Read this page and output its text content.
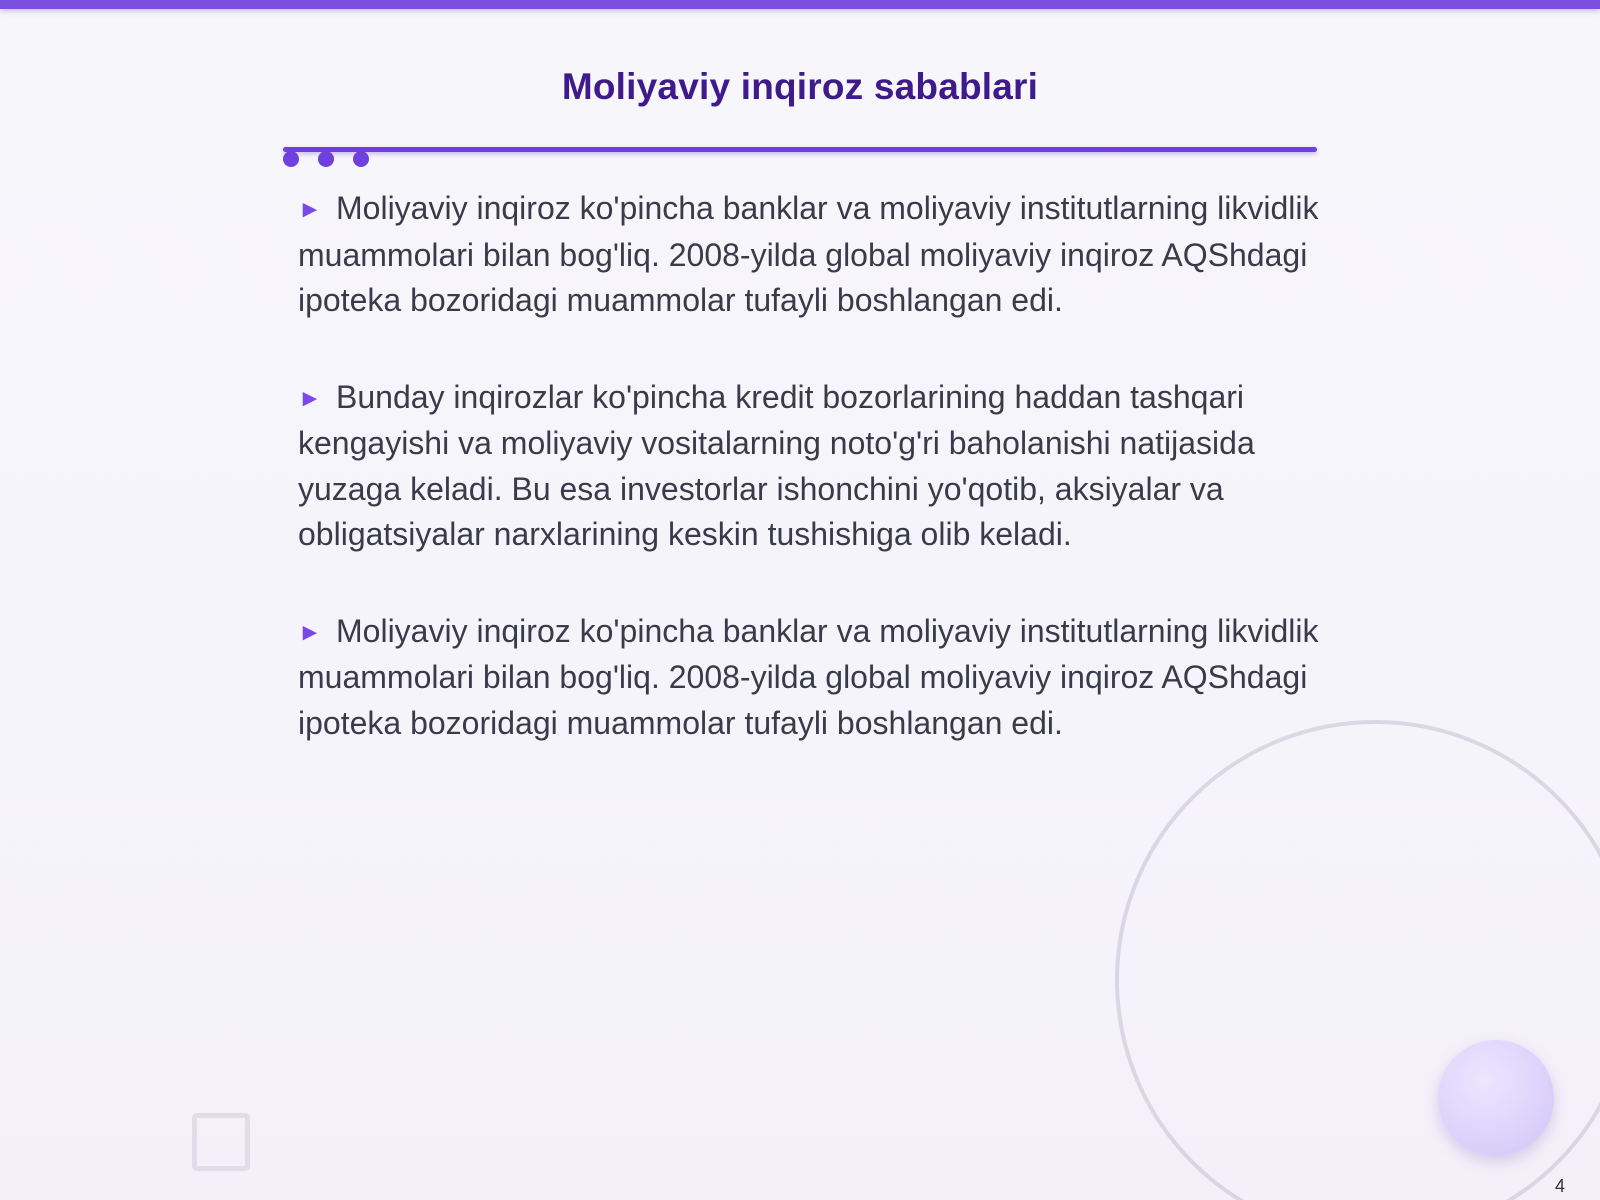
Moliyaviy inqiroz sabablari

► Moliyaviy inqiroz ko'pincha banklar va moliyaviy institutlarning likvidlik muammolari bilan bog'liq. 2008-yilda global moliyaviy inqiroz AQShdagi ipoteka bozoridagi muammolar tufayli boshlangan edi.

► Bunday inqirozlar ko'pincha kredit bozorlarining haddan tashqari kengayishi va moliyaviy vositalarning noto'g'ri baholanishi natijasida yuzaga keladi. Bu esa investorlar ishonchini yo'qotib, aksiyalar va obligatsiyalar narxlarining keskin tushishiga olib keladi.

► Moliyaviy inqiroz ko'pincha banklar va moliyaviy institutlarning likvidlik muammolari bilan bog'liq. 2008-yilda global moliyaviy inqiroz AQShdagi ipoteka bozoridagi muammolar tufayli boshlangan edi.

4
